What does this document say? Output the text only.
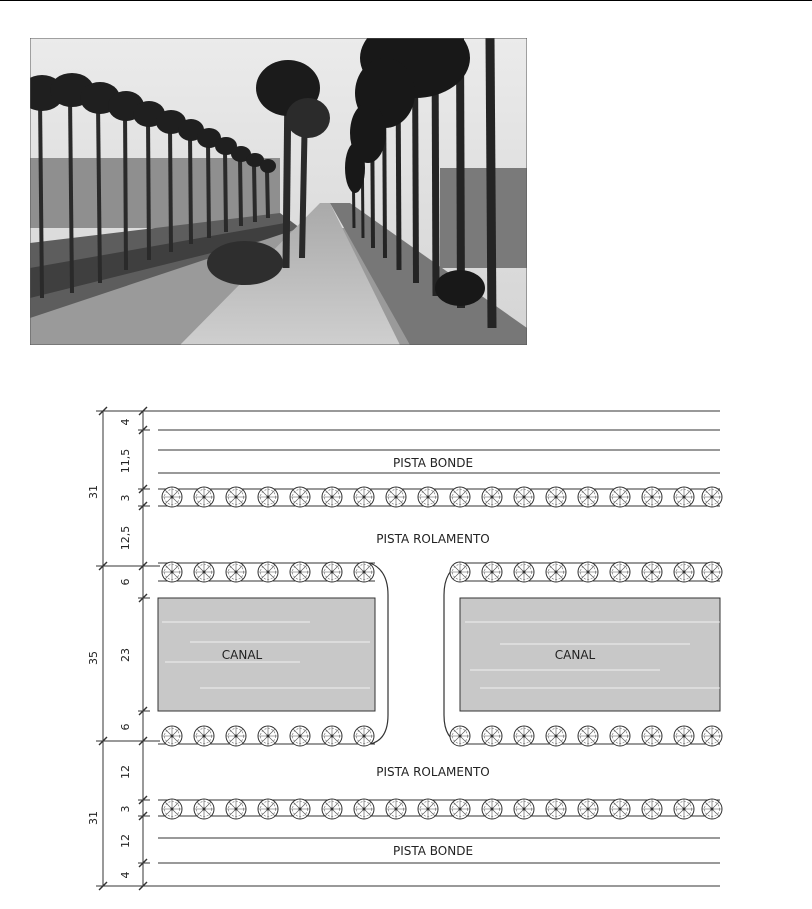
PISTA BONDE
PISTA ROLAMENTO
CANAL	CANAL
PISTA ROLAMENTO
PISTA BONDE
31
35
31
4
11,5
3
12,5
6
23
6
12
3
12
4
